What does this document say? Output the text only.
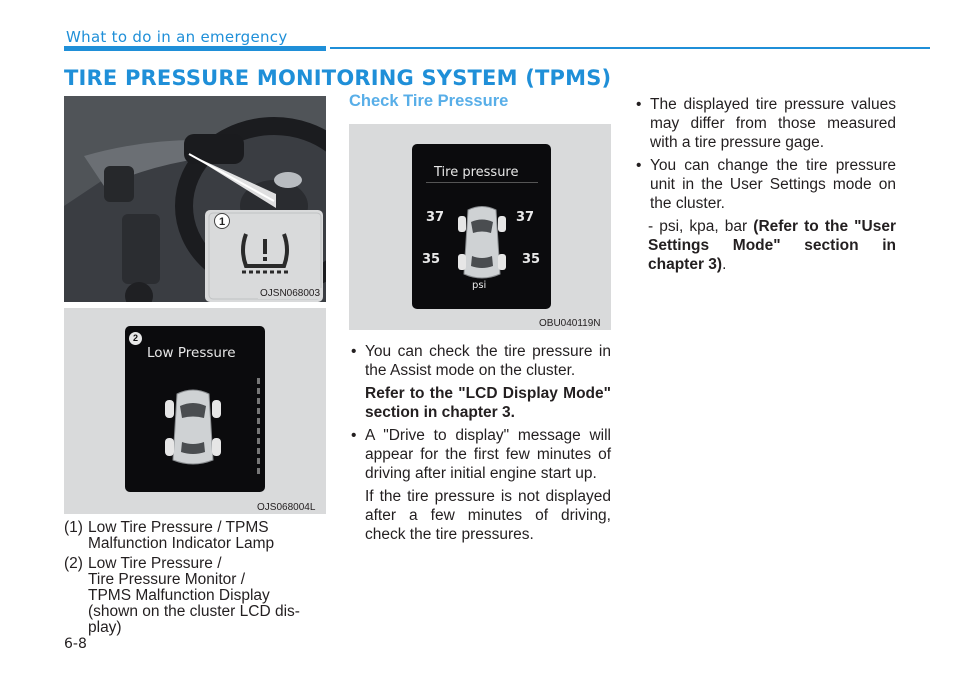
What to do in an emergency
TIRE PRESSURE MONITORING SYSTEM (TPMS)
1
OJSN068003
2
Low Pressure
OJS068004L
(1) Low Tire Pressure / TPMS Malfunction Indicator Lamp
(2) Low Tire Pressure /
Tire Pressure Monitor /
TPMS Malfunction Display
(shown on the cluster LCD dis-
play)
Check Tire Pressure
Tire pressure
37	37
35	35
psi
OBU040119N
• You can check the tire pressure in the Assist mode on the cluster.
Refer to the "LCD Display Mode" section in chapter 3.
• A "Drive to display" message will appear for the first few minutes of driving after initial engine start up.
If the tire pressure is not displayed after a few minutes of driving, check the tire pressures.
• The displayed tire pressure values may differ from those measured with a tire pressure gage.
• You can change the tire pressure unit in the User Settings mode on the cluster.
- psi, kpa, bar (Refer to the "User Settings Mode" section in chapter 3).
6-8
